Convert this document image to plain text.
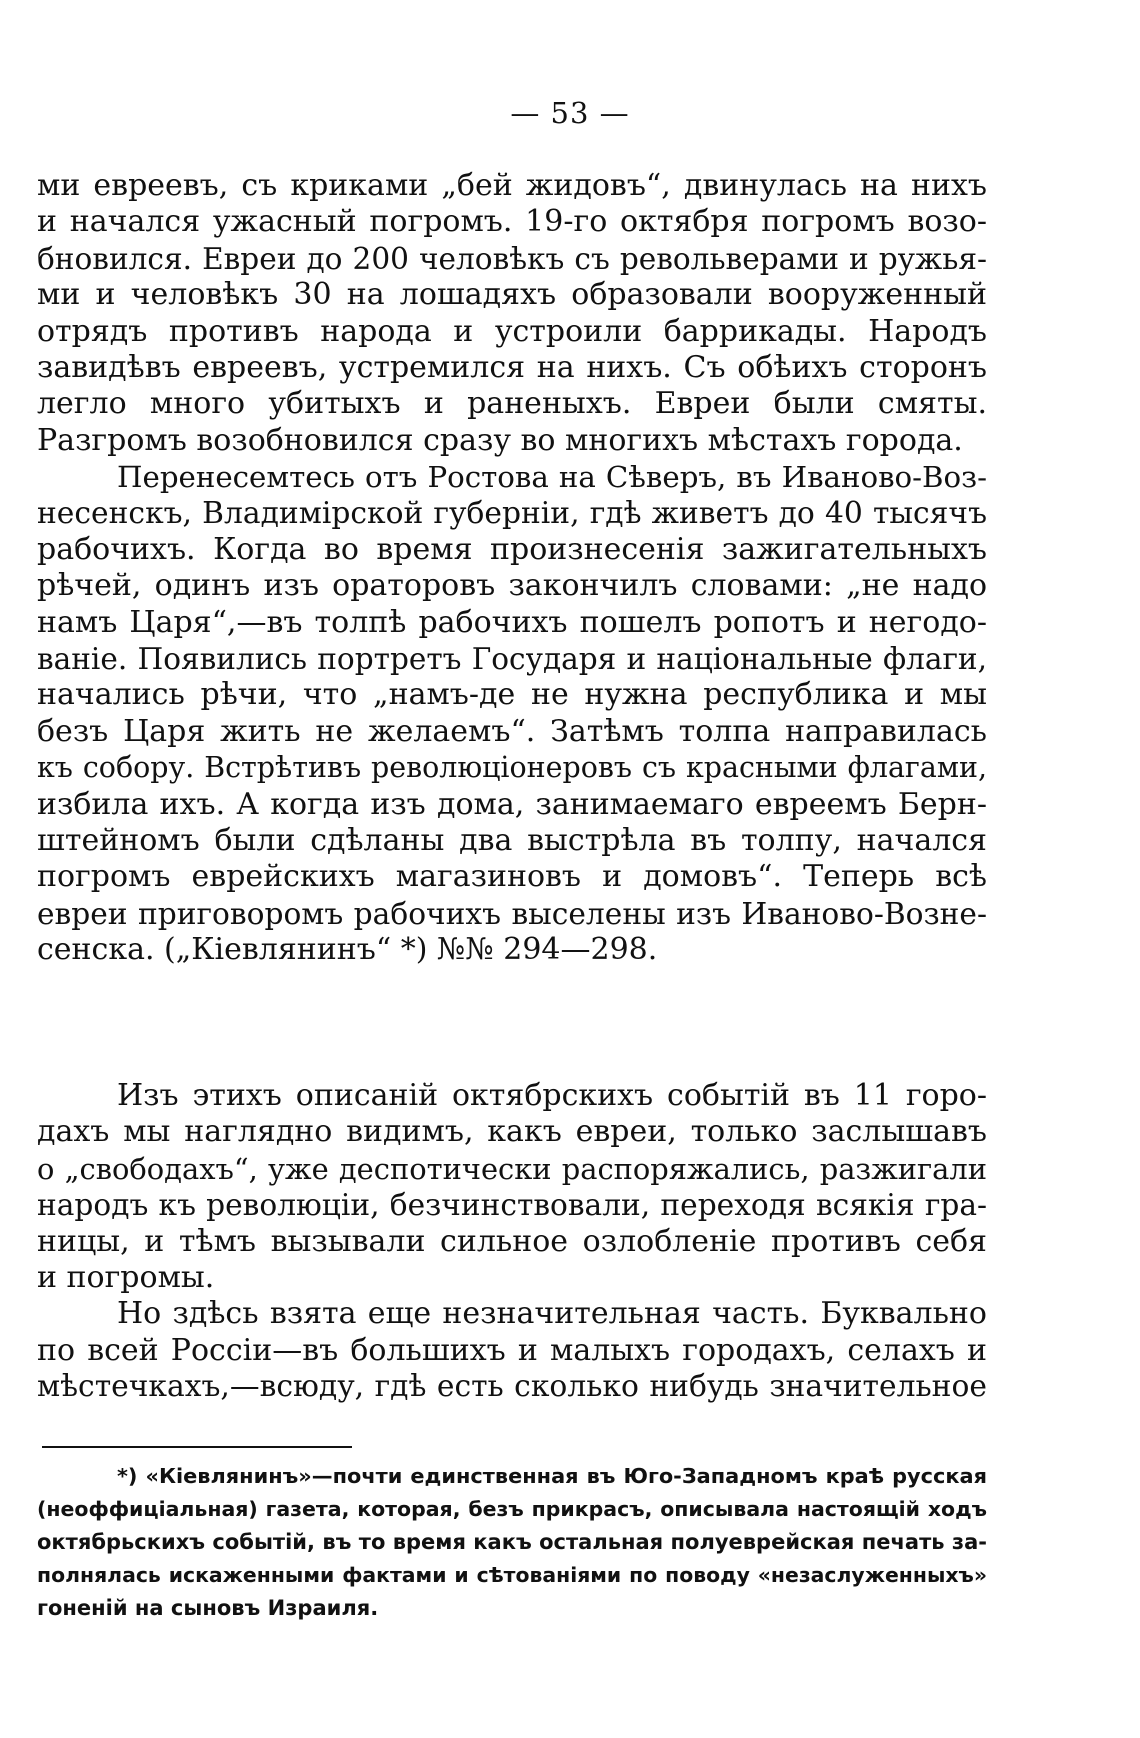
— 53 —
ми евреевъ, съ криками „бей жидовъ“, двинулась на нихъ
и начался ужасный погромъ. 19-го октября погромъ возо-
бновился. Евреи до 200 человѣкъ съ револьверами и ружья-
ми и человѣкъ 30 на лошадяхъ образовали вооруженный
отрядъ противъ народа и устроили баррикады. Народъ
завидѣвъ евреевъ, устремился на нихъ. Съ обѣихъ сторонъ
легло много убитыхъ и раненыхъ. Евреи были смяты.
Разгромъ возобновился сразу во многихъ мѣстахъ города.
Перенесемтесь отъ Ростова на Сѣверъ, въ Иваново-Воз-
несенскъ, Владимірской губерніи, гдѣ живетъ до 40 тысячъ
рабочихъ. Когда во время произнесенія зажигательныхъ
рѣчей, одинъ изъ ораторовъ закончилъ словами: „не надо
намъ Царя“,—въ толпѣ рабочихъ пошелъ ропотъ и негодо-
ваніе. Появились портретъ Государя и національные флаги,
начались рѣчи, что „намъ-де не нужна республика и мы
безъ Царя жить не желаемъ“. Затѣмъ толпа направилась
къ собору. Встрѣтивъ революціонеровъ съ красными флагами,
избила ихъ. А когда изъ дома, занимаемаго евреемъ Берн-
штейномъ были сдѣланы два выстрѣла въ толпу, начался
погромъ еврейскихъ магазиновъ и домовъ“. Теперь всѣ
евреи приговоромъ рабочихъ выселены изъ Иваново-Возне-
сенска. („Кіевлянинъ“ *) №№ 294—298.
Изъ этихъ описаній октябрскихъ событій въ 11 горо-
дахъ мы наглядно видимъ, какъ евреи, только заслышавъ
о „свободахъ“, уже деспотически распоряжались, разжигали
народъ къ революціи, безчинствовали, переходя всякія гра-
ницы, и тѣмъ вызывали сильное озлобленіе противъ себя
и погромы.
Но здѣсь взята еще незначительная часть. Буквально
по всей Россіи—въ большихъ и малыхъ городахъ, селахъ и
мѣстечкахъ,—всюду, гдѣ есть сколько нибудь значительное
*) «Кіевлянинъ»—почти единственная въ Юго-Западномъ краѣ русская
(неоффиціальная) газета, которая, безъ прикрасъ, описывала настоящій ходъ
октябрьскихъ событій, въ то время какъ остальная полуеврейская печать за-
полнялась искаженными фактами и сѣтованіями по поводу «незаслуженныхъ»
гоненій на сыновъ Израиля.
